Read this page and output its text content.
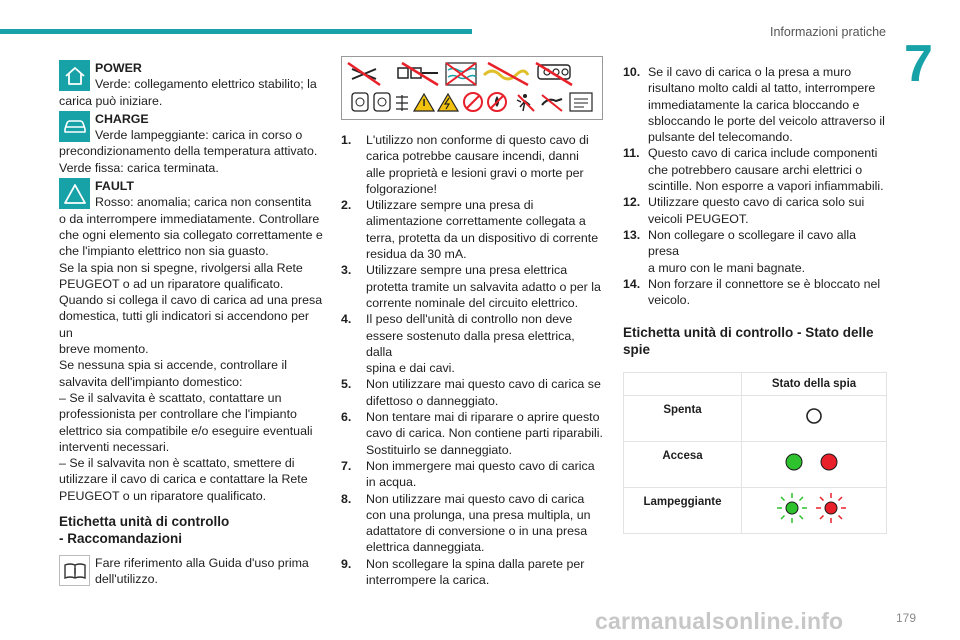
Informazioni pratiche
7
POWER
Verde: collegamento elettrico stabilito; la
carica può iniziare.
CHARGE
Verde lampeggiante: carica in corso o
precondizionamento della temperatura attivato.
Verde fissa: carica terminata.
FAULT
Rosso: anomalia; carica non consentita
o da interrompere immediatamente. Controllare
che ogni elemento sia collegato correttamente e
che l'impianto elettrico non sia guasto.
Se la spia non si spegne, rivolgersi alla Rete
PEUGEOT o ad un riparatore qualificato.
Quando si collega il cavo di carica ad una presa
domestica, tutti gli indicatori si accendono per un
breve momento.
Se nessuna spia si accende, controllare il
salvavita dell'impianto domestico:
– Se il salvavita è scattato, contattare un
professionista per controllare che l'impianto
elettrico sia compatibile e/o eseguire eventuali
interventi necessari.
– Se il salvavita non è scattato, smettere di
utilizzare il cavo di carica e contattare la Rete
PEUGEOT o un riparatore qualificato.
Etichetta unità di controllo
- Raccomandazioni
Fare riferimento alla Guida d'uso prima
dell'utilizzo.
1. L'utilizzo non conforme di questo cavo di
carica potrebbe causare incendi, danni
alle proprietà e lesioni gravi o morte per
folgorazione!
2. Utilizzare sempre una presa di
alimentazione correttamente collegata a
terra, protetta da un dispositivo di corrente
residua da 30 mA.
3. Utilizzare sempre una presa elettrica
protetta tramite un salvavita adatto o per la
corrente nominale del circuito elettrico.
4. Il peso dell'unità di controllo non deve
essere sostenuto dalla presa elettrica, dalla
spina e dai cavi.
5. Non utilizzare mai questo cavo di carica se
difettoso o danneggiato.
6. Non tentare mai di riparare o aprire questo
cavo di carica. Non contiene parti riparabili.
Sostituirlo se danneggiato.
7. Non immergere mai questo cavo di carica
in acqua.
8. Non utilizzare mai questo cavo di carica
con una prolunga, una presa multipla, un
adattatore di conversione o in una presa
elettrica danneggiata.
9. Non scollegare la spina dalla parete per
interrompere la carica.
10. Se il cavo di carica o la presa a muro
risultano molto caldi al tatto, interrompere
immediatamente la carica bloccando e
sbloccando le porte del veicolo attraverso il
pulsante del telecomando.
11. Questo cavo di carica include componenti
che potrebbero causare archi elettrici o
scintille. Non esporre a vapori infiammabili.
12. Utilizzare questo cavo di carica solo sui
veicoli PEUGEOT.
13. Non collegare o scollegare il cavo alla presa
a muro con le mani bagnate.
14. Non forzare il connettore se è bloccato nel
veicolo.
Etichetta unità di controllo - Stato delle
spie
	Stato della spia
Spenta	
Accesa	
Lampeggiante	
carmanualsonline.info	179
